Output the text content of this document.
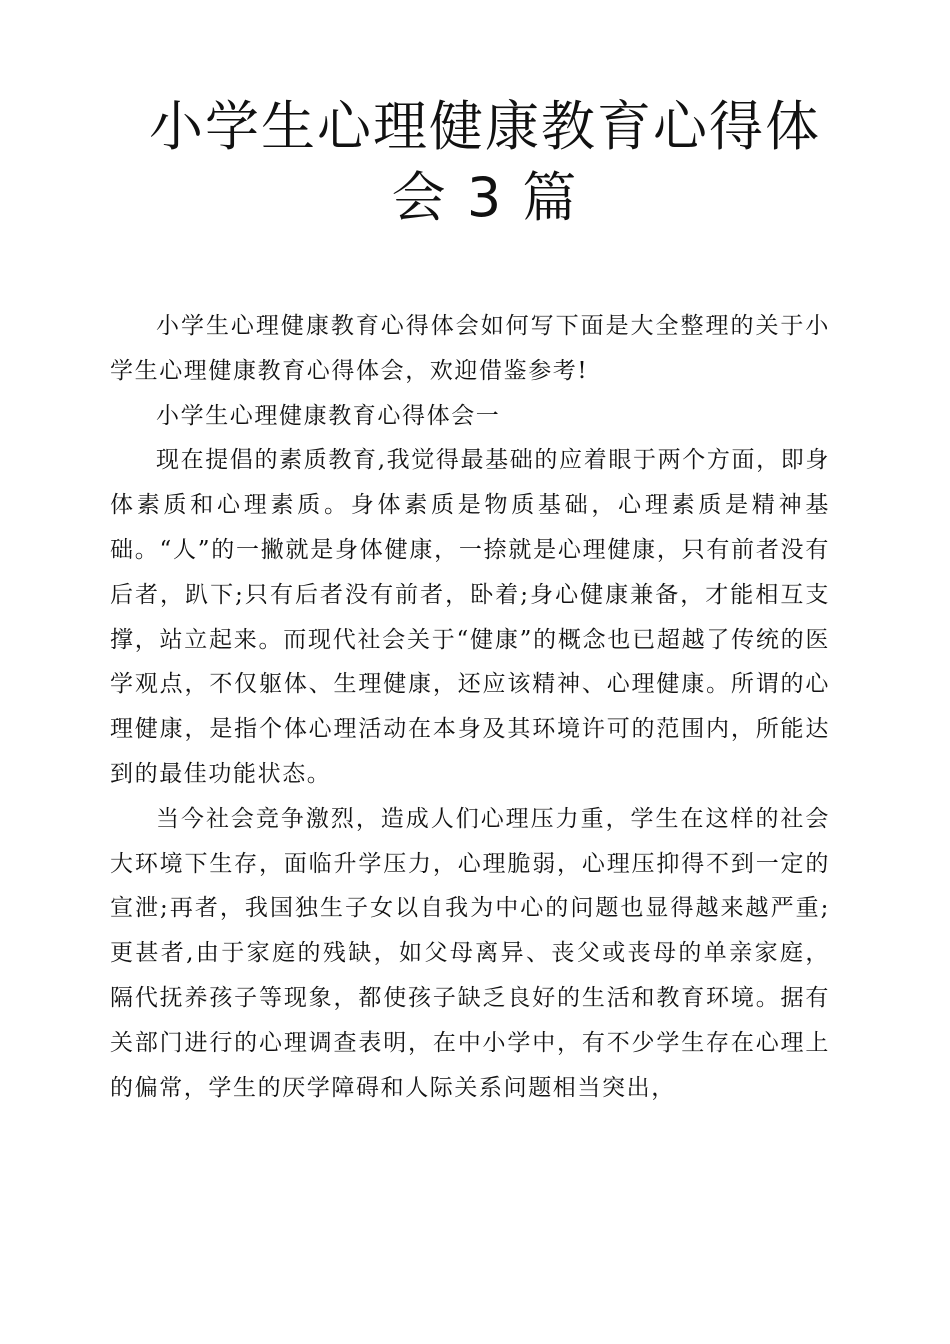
小学生心理健康教育心得体
会 3 篇

小学生心理健康教育心得体会如何写下面是大全整理的关于小学生心理健康教育心得体会，欢迎借鉴参考!

小学生心理健康教育心得体会一

现在提倡的素质教育,我觉得最基础的应着眼于两个方面，即身体素质和心理素质。身体素质是物质基础，心理素质是精神基础。“人”的一撇就是身体健康，一捺就是心理健康，只有前者没有后者，趴下;只有后者没有前者，卧着;身心健康兼备，才能相互支撑，站立起来。而现代社会关于“健康”的概念也已超越了传统的医学观点，不仅躯体、生理健康，还应该精神、心理健康。所谓的心理健康，是指个体心理活动在本身及其环境许可的范围内，所能达到的最佳功能状态。

当今社会竞争激烈，造成人们心理压力重，学生在这样的社会大环境下生存，面临升学压力，心理脆弱，心理压抑得不到一定的宣泄;再者，我国独生子女以自我为中心的问题也显得越来越严重;更甚者,由于家庭的残缺，如父母离异、丧父或丧母的单亲家庭，隔代抚养孩子等现象，都使孩子缺乏良好的生活和教育环境。据有关部门进行的心理调查表明，在中小学中，有不少学生存在心理上的偏常，学生的厌学障碍和人际关系问题相当突出，
